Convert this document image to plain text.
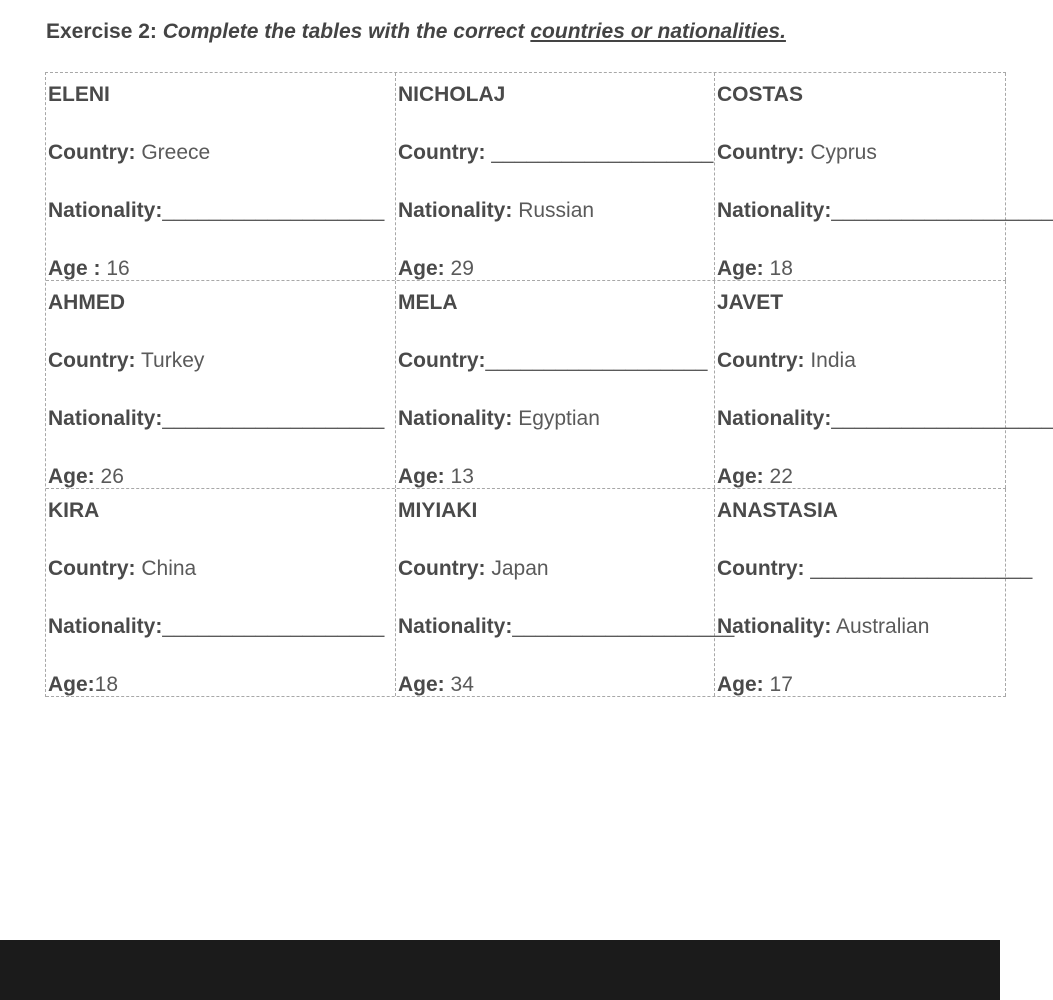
Exercise 2: Complete the tables with the correct countries or nationalities.
ELENI
Country: Greece
Nationality:___________________
Age : 16
NICHOLAJ
Country: ___________________
Nationality: Russian
Age: 29
COSTAS
Country: Cyprus
Nationality:___________________
Age: 18
AHMED
Country: Turkey
Nationality:___________________
Age: 26
MELA
Country:___________________
Nationality: Egyptian
Age: 13
JAVET
Country: India
Nationality:___________________
Age: 22
KIRA
Country: China
Nationality:___________________
Age:18
MIYIAKI
Country: Japan
Nationality:___________________
Age: 34
ANASTASIA
Country: ___________________
Nationality: Australian
Age: 17
